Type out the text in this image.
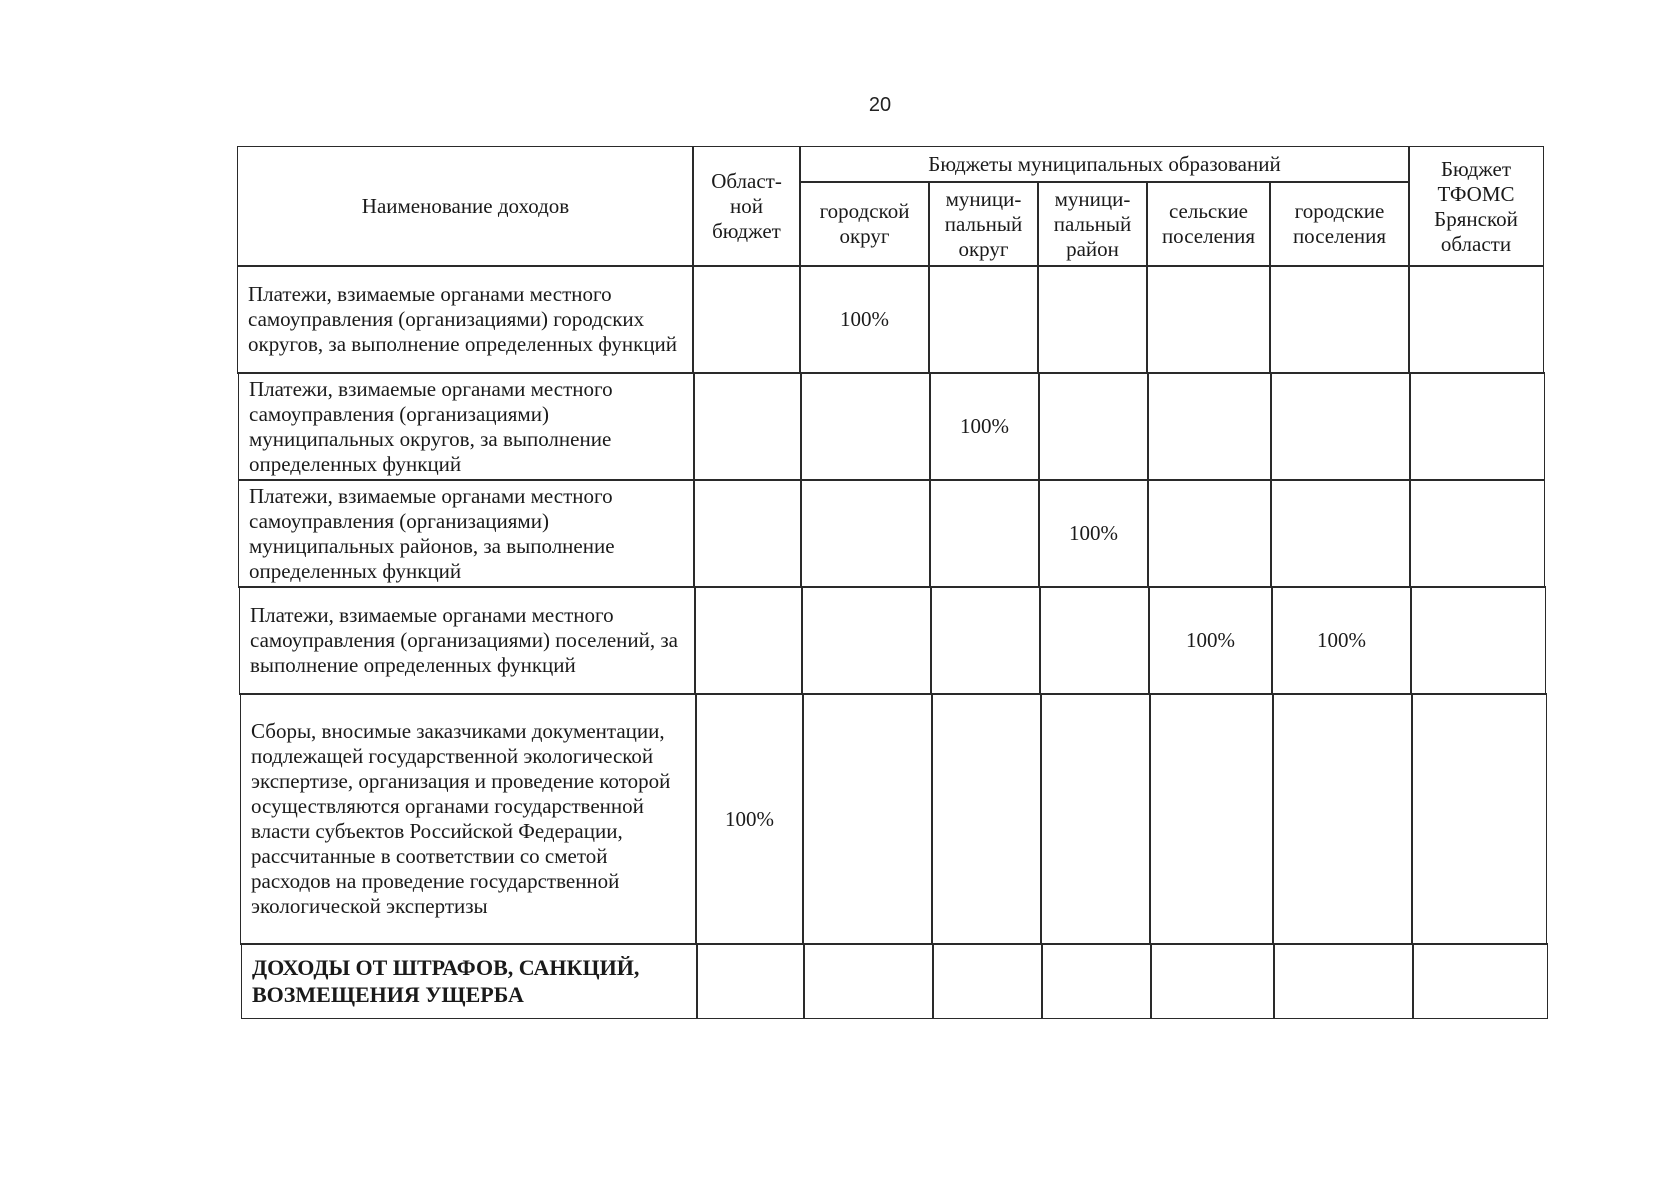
20
Наименование доходов
Област-ной бюджет
Бюджеты муниципальных образований
городской округ
муници-пальный округ
муници-пальный район
сельские поселения
городские поселения
Бюджет ТФОМС Брянской области
Платежи, взимаемые органами местного самоуправления (организациями) городских округов, за выполнение определенных функций
100%
Платежи, взимаемые органами местного самоуправления (организациями) муниципальных округов, за выполнение определенных функций
100%
Платежи, взимаемые органами местного самоуправления (организациями) муниципальных районов, за выполнение определенных функций
100%
Платежи, взимаемые органами местного самоуправления (организациями) поселений, за выполнение определенных функций
100%	100%
Сборы, вносимые заказчиками документации, подлежащей государственной экологической экспертизе, организация и проведение которой осуществляются органами государственной власти субъектов Российской Федерации, рассчитанные в соответствии со сметой расходов на проведение государственной экологической экспертизы
100%
ДОХОДЫ ОТ ШТРАФОВ, САНКЦИЙ, ВОЗМЕЩЕНИЯ УЩЕРБА
